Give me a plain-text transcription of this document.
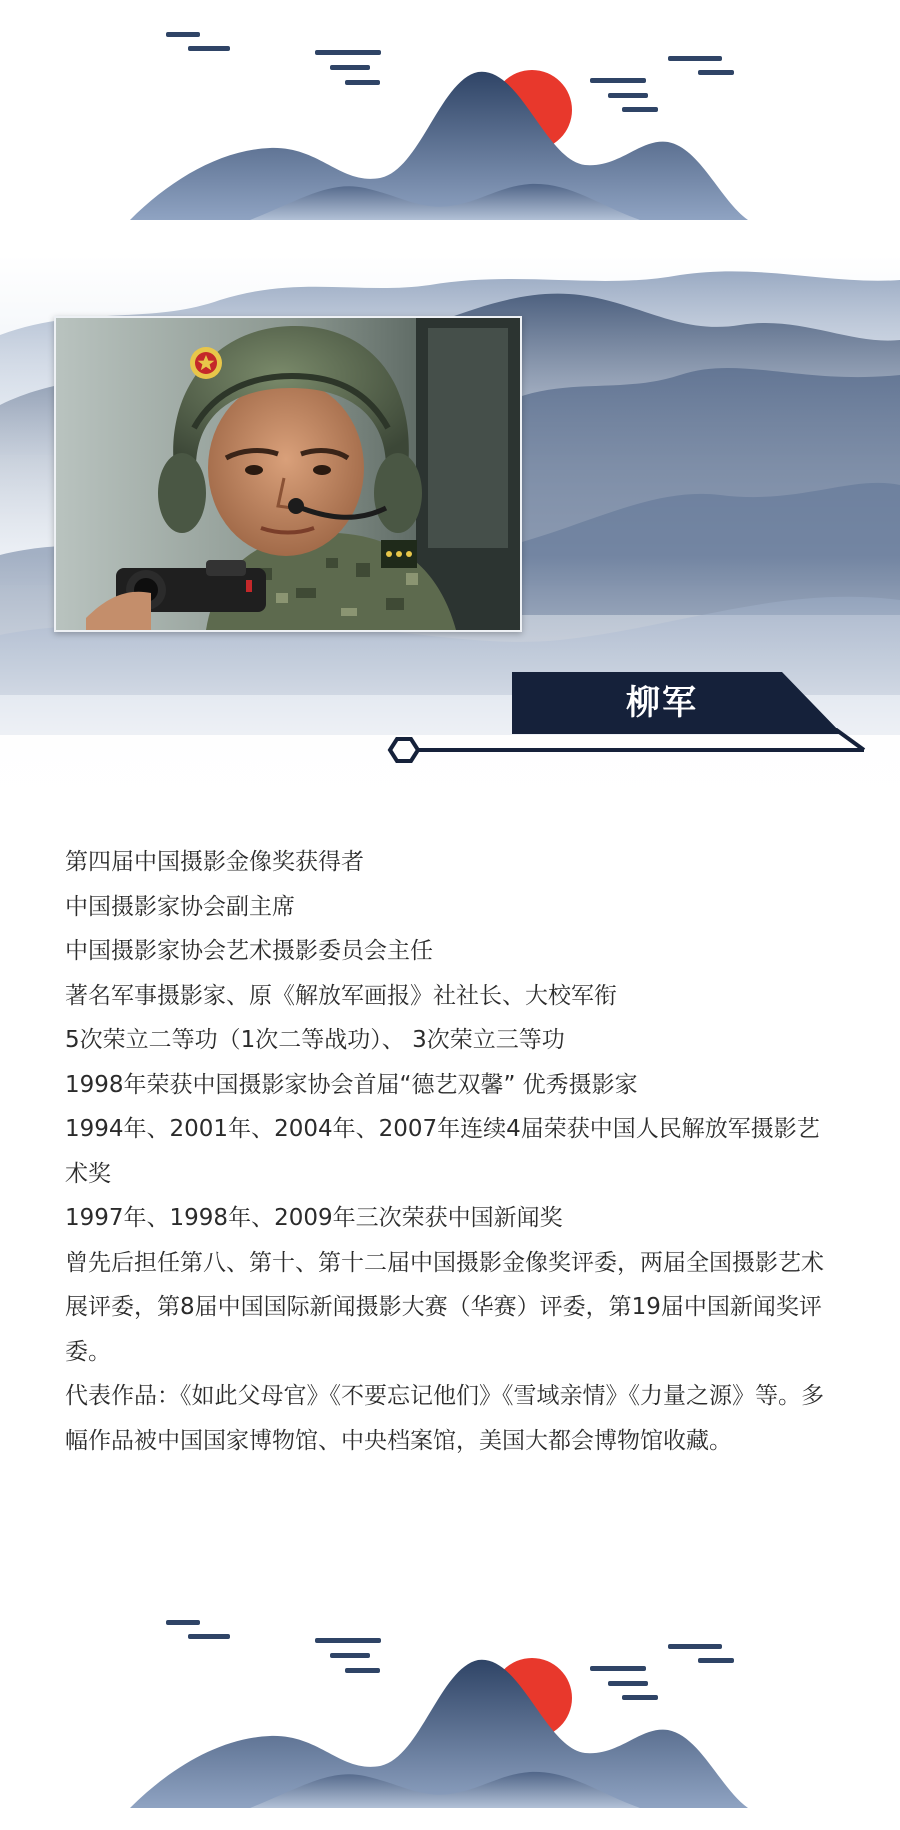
柳军

第四届中国摄影金像奖获得者

中国摄影家协会副主席

中国摄影家协会艺术摄影委员会主任

著名军事摄影家、原《解放军画报》社社长、大校军衔

5次荣立二等功（1次二等战功）、 3次荣立三等功

1998年荣获中国摄影家协会首届“德艺双馨” 优秀摄影家

1994年、2001年、2004年、2007年连续4届荣获中国人民解放军摄影艺术奖

1997年、1998年、2009年三次荣获中国新闻奖

曾先后担任第八、第十、第十二届中国摄影金像奖评委，两届全国摄影艺术展评委，第8届中国国际新闻摄影大赛（华赛）评委，第19届中国新闻奖评委。

代表作品：《如此父母官》《不要忘记他们》《雪域亲情》《力量之源》等。多幅作品被中国国家博物馆、中央档案馆，美国大都会博物馆收藏。
